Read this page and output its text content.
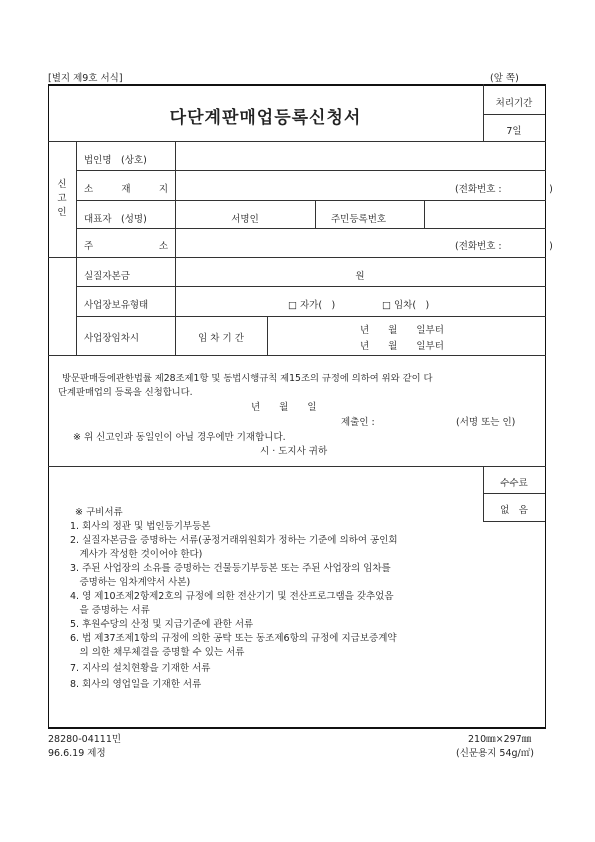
[별지 제9호 서식]	(앞 쪽)
다단계판매업등록신청서
처리기간
7일
신
고
인
법인명　(상호)
소	재	지	(전화번호 :　　　　　)
대표자　(성명)	서명인	주민등록번호
주	소	(전화번호 :　　　　　)
실질자본금	원
사업장보유형태	□ 자가(　)	□ 임차(　)
사업장임차시	임 차 기 간
년　　월　　일부터
년　　월　　일부터
방문판매등에관한법률 제28조제1항 및 동법시행규칙 제15조의 규정에 의하여 위와 같이 다
단계판매업의 등록을 신청합니다.
년　　월　　일
제출인 :	(서명 또는 인)
※ 위 신고인과 동일인이 아닐 경우에만 기재합니다.
시 · 도지사 귀하
수수료
없　음
※ 구비서류
1. 회사의 정관 및 법인등기부등본
2. 실질자본금을 증명하는 서류(공정거래위원회가 정하는 기준에 의하여 공인회
　계사가 작성한 것이어야 한다)
3. 주된 사업장의 소유를 증명하는 건물등기부등본 또는 주된 사업장의 임차를
　증명하는 임차계약서 사본)
4. 영 제10조제2항제2호의 규정에 의한 전산기기 및 전산프로그램을 갖추었음
　을 증명하는 서류
5. 후원수당의 산정 및 지급기준에 관한 서류
6. 법 제37조제1항의 규정에 의한 공탁 또는 동조제6항의 규정에 지급보증계약
　의 의한 채무체결을 증명할 수 있는 서류
7. 지사의 설치현황을 기재한 서류
8. 회사의 영업일을 기재한 서류
28280-04111민
96.6.19 제정
210㎜×297㎜
(신문용지 54g/㎡)
